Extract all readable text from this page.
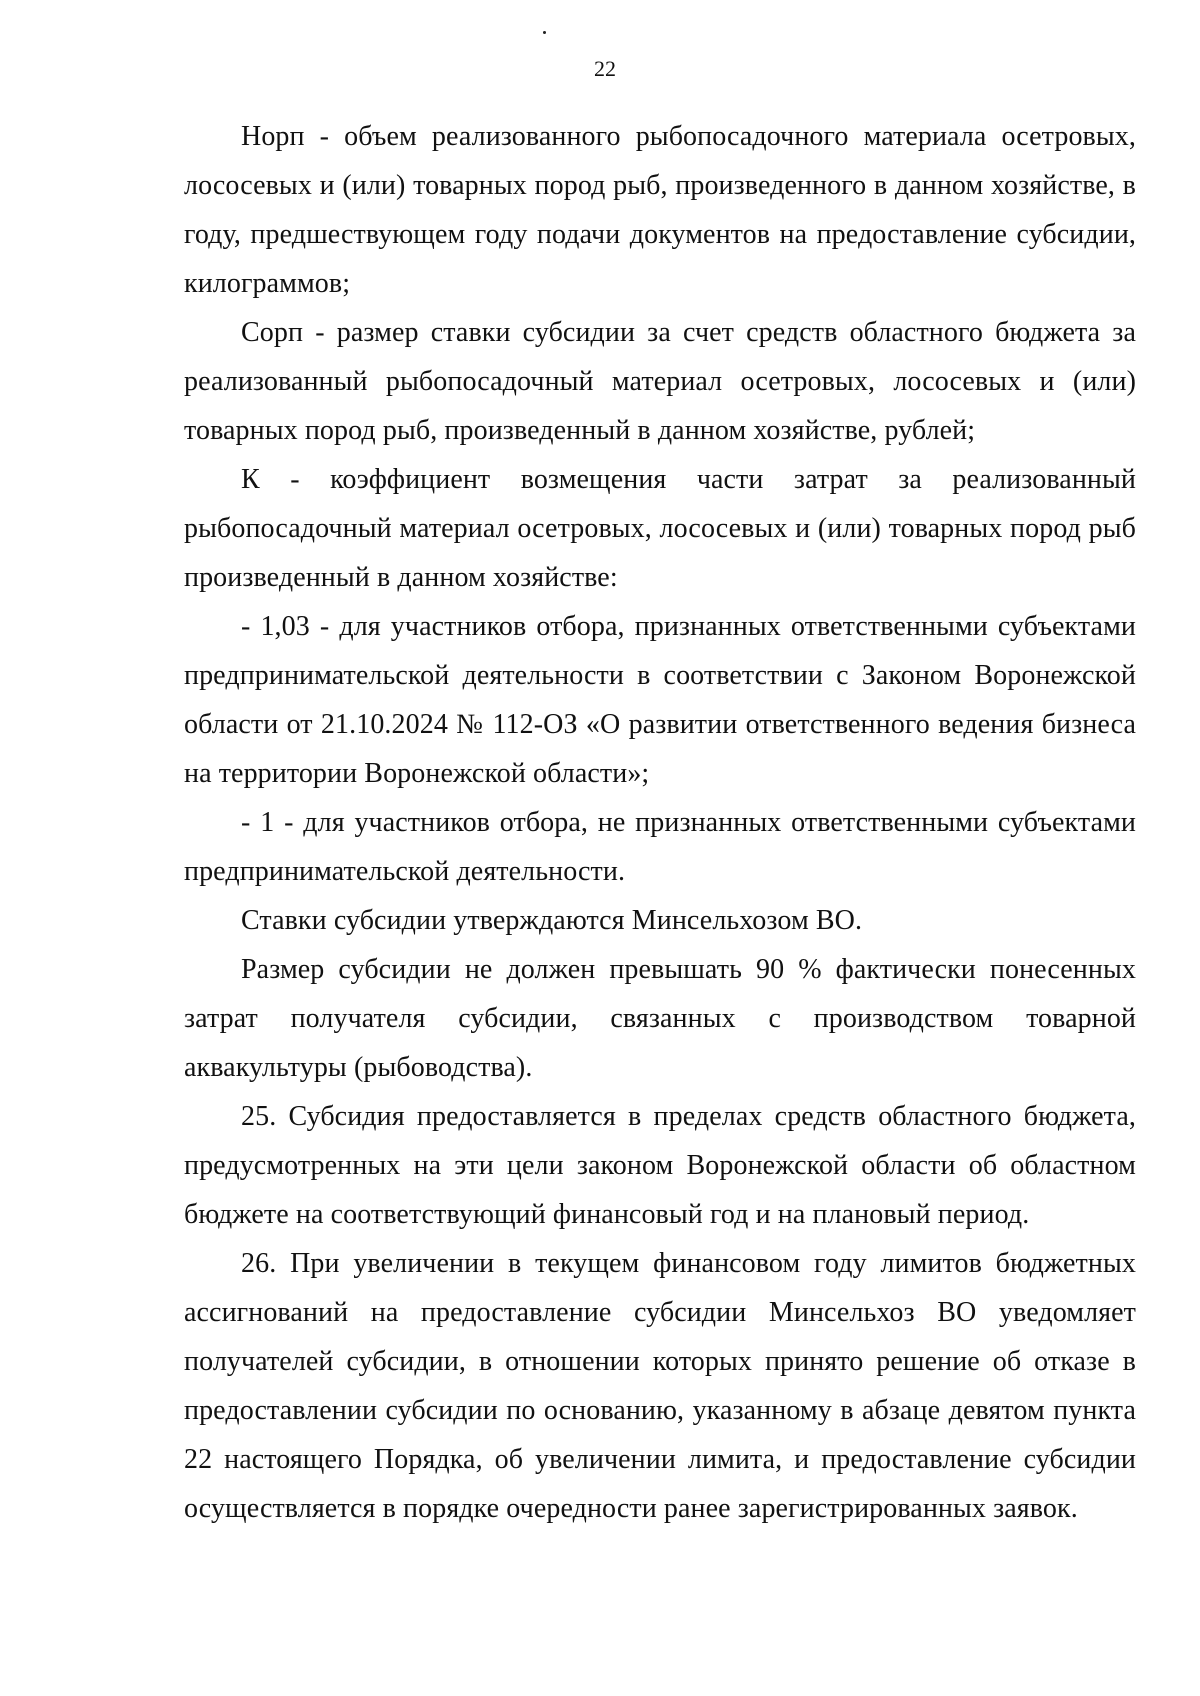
22

Норп - объем реализованного рыбопосадочного материала осетровых, лососевых и (или) товарных пород рыб, произведенного в данном хозяйстве, в году, предшествующем году подачи документов на предоставление субсидии, килограммов;

Сорп - размер ставки субсидии за счет средств областного бюджета за реализованный рыбопосадочный материал осетровых, лососевых и (или) товарных пород рыб, произведенный в данном хозяйстве, рублей;

К - коэффициент возмещения части затрат за реализованный рыбопосадочный материал осетровых, лососевых и (или) товарных пород рыб произведенный в данном хозяйстве:

- 1,03 - для участников отбора, признанных ответственными субъектами предпринимательской деятельности в соответствии с Законом Воронежской области от 21.10.2024 № 112-ОЗ «О развитии ответственного ведения бизнеса на территории Воронежской области»;

- 1 - для участников отбора, не признанных ответственными субъектами предпринимательской деятельности.

Ставки субсидии утверждаются Минсельхозом ВО.

Размер субсидии не должен превышать 90 % фактически понесенных затрат получателя субсидии, связанных с производством товарной аквакультуры (рыбоводства).

25. Субсидия предоставляется в пределах средств областного бюджета, предусмотренных на эти цели законом Воронежской области об областном бюджете на соответствующий финансовый год и на плановый период.

26. При увеличении в текущем финансовом году лимитов бюджетных ассигнований на предоставление субсидии Минсельхоз ВО уведомляет получателей субсидии, в отношении которых принято решение об отказе в предоставлении субсидии по основанию, указанному в абзаце девятом пункта 22 настоящего Порядка, об увеличении лимита, и предоставление субсидии осуществляется в порядке очередности ранее зарегистрированных заявок.
